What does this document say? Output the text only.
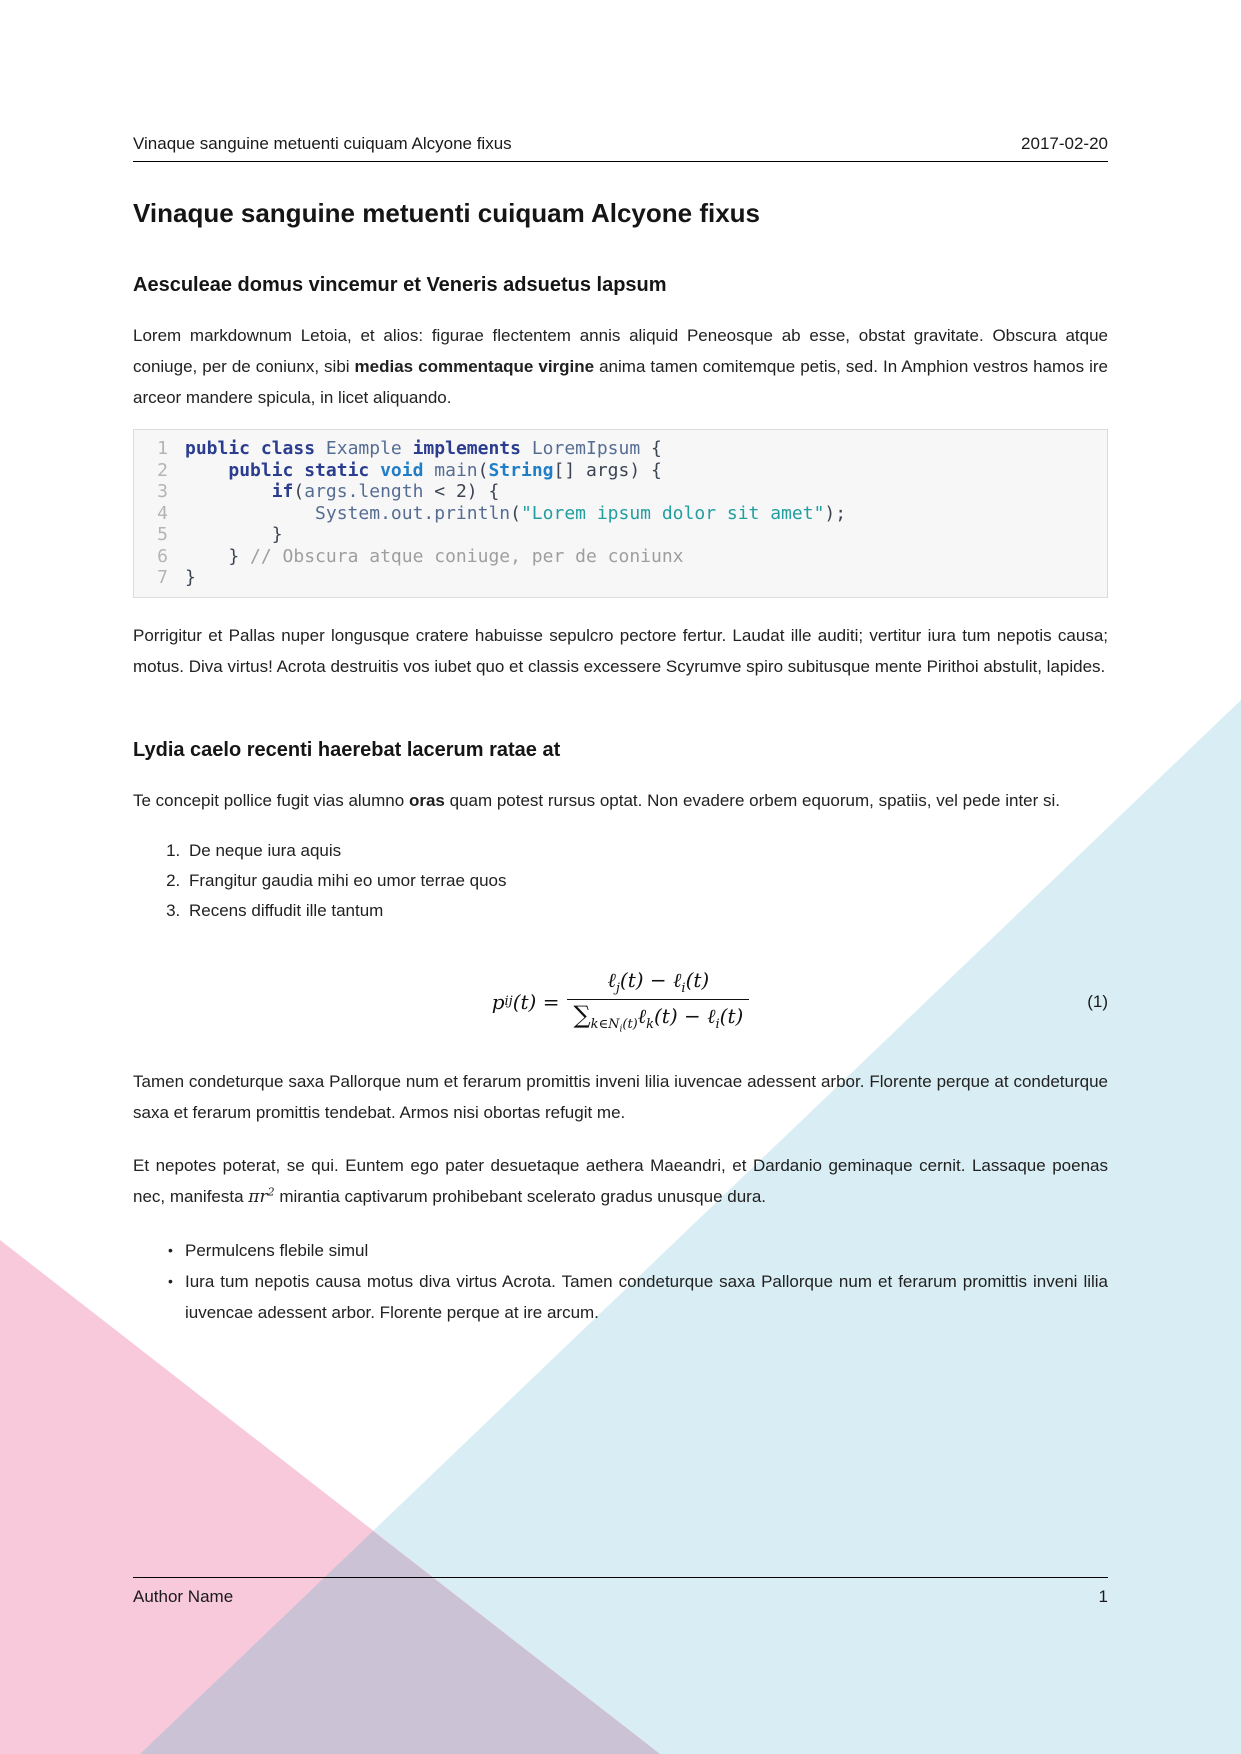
Vinaque sanguine metuenti cuiquam Alcyone fixus	2017-02-20
Vinaque sanguine metuenti cuiquam Alcyone fixus
Aesculeae domus vincemur et Veneris adsuetus lapsum

Lorem markdownum Letoia, et alios: figurae flectentem annis aliquid Peneosque ab esse, obstat gravitate. Obscura atque coniuge, per de coniunx, sibi medias commentaque virgine anima tamen comitemque petis, sed. In Amphion vestros hamos ire arceor mandere spicula, in licet aliquando.

1 public class Example implements LoremIpsum {
2	public static void main(String[] args) {
3	if(args.length < 2) {
4	System.out.println("Lorem ipsum dolor sit amet");
5 }
6 } // Obscura atque coniuge, per de coniunx
7 }

Porrigitur et Pallas nuper longusque cratere habuisse sepulcro pectore fertur. Laudat ille auditi; vertitur iura tum nepotis causa; motus. Diva virtus! Acrota destruitis vos iubet quo et classis excessere Scyrumve spiro subitusque mente Pirithoi abstulit, lapides.

Lydia caelo recenti haerebat lacerum ratae at

Te concepit pollice fugit vias alumno oras quam potest rursus optat. Non evadere orbem equorum, spatiis, vel pede inter si.

1. De neque iura aquis
2. Frangitur gaudia mihi eo umor terrae quos
3. Recens diffudit ille tantum
p ij $(t) = \frac{\ell_j(t) - \ell_i(t)}{\sum_{k\in N_i(t)}\ell_k(t) - \ell_i(t)}$	(1)

Tamen condeturque saxa Pallorque num et ferarum promittis inveni lilia iuvencae adessent arbor. Florente perque at condeturque saxa et ferarum promittis tendebat. Armos nisi obortas refugit me.

Et nepotes poterat, se qui. Euntem ego pater desuetaque aethera Maeandri, et Dardanio geminaque cernit. Lassaque poenas nec, manifesta $\pi r^2$ mirantia captivarum prohibebant scelerato gradus unusque dura.

• Permulcens flebile simul
• Iura tum nepotis causa motus diva virtus Acrota. Tamen condeturque saxa Pallorque num et ferarum promittis inveni lilia iuvencae adessent arbor. Florente perque at ire arcum.
Author Name	1
